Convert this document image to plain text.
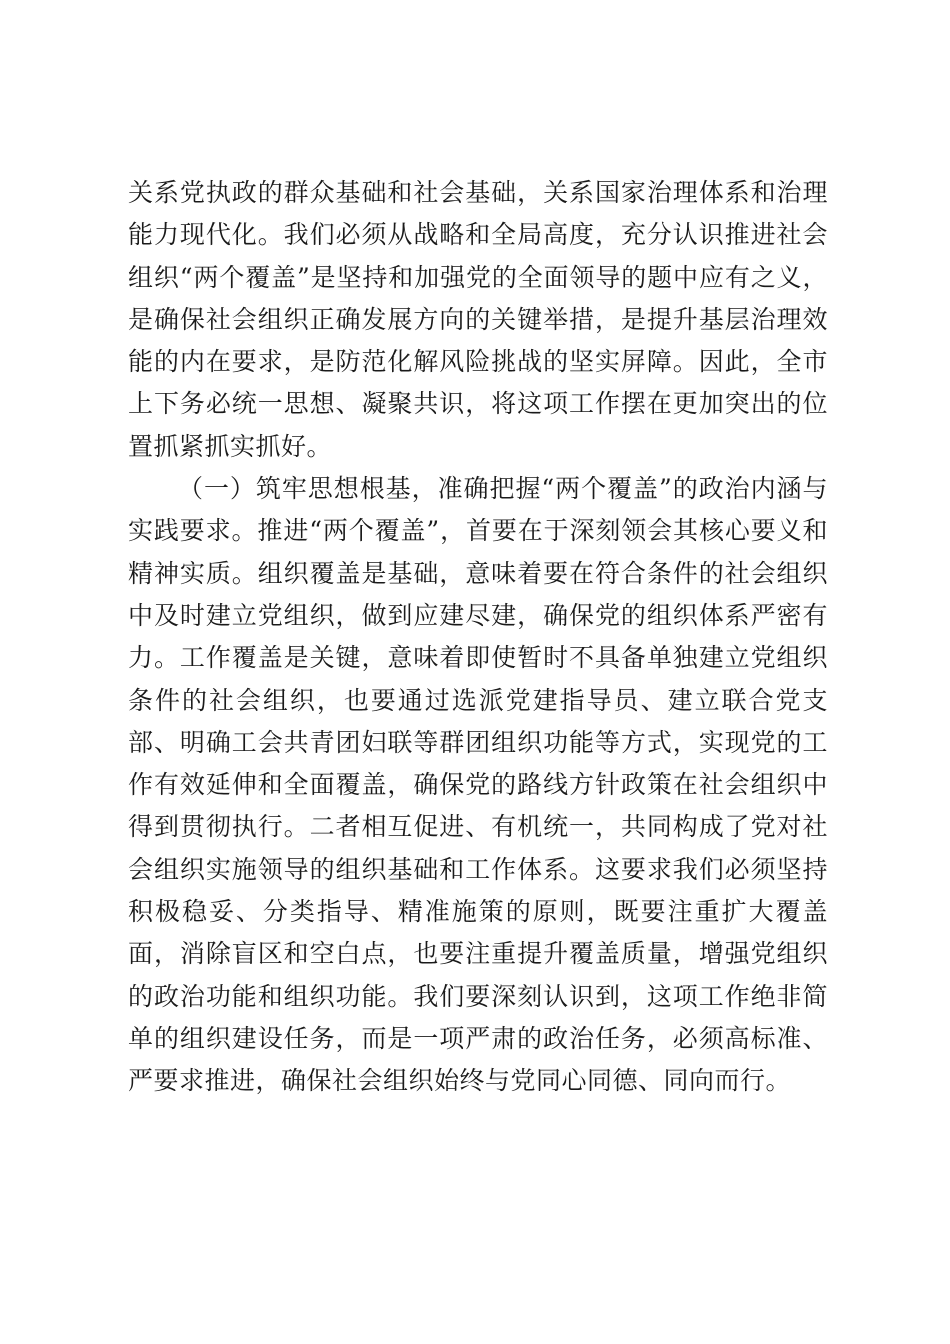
关系党执政的群众基础和社会基础，关系国家治理体系和治理能力现代化。我们必须从战略和全局高度，充分认识推进社会组织“两个覆盖”是坚持和加强党的全面领导的题中应有之义，是确保社会组织正确发展方向的关键举措，是提升基层治理效能的内在要求，是防范化解风险挑战的坚实屏障。因此，全市上下务必统一思想、凝聚共识，将这项工作摆在更加突出的位置抓紧抓实抓好。

（一）筑牢思想根基，准确把握“两个覆盖”的政治内涵与实践要求。推进“两个覆盖”，首要在于深刻领会其核心要义和精神实质。组织覆盖是基础，意味着要在符合条件的社会组织中及时建立党组织，做到应建尽建，确保党的组织体系严密有力。工作覆盖是关键，意味着即使暂时不具备单独建立党组织条件的社会组织，也要通过选派党建指导员、建立联合党支部、明确工会共青团妇联等群团组织功能等方式，实现党的工作有效延伸和全面覆盖，确保党的路线方针政策在社会组织中得到贯彻执行。二者相互促进、有机统一，共同构成了党对社会组织实施领导的组织基础和工作体系。这要求我们必须坚持积极稳妥、分类指导、精准施策的原则，既要注重扩大覆盖面，消除盲区和空白点，也要注重提升覆盖质量，增强党组织的政治功能和组织功能。我们要深刻认识到，这项工作绝非简单的组织建设任务，而是一项严肃的政治任务，必须高标准、严要求推进，确保社会组织始终与党同心同德、同向而行。
